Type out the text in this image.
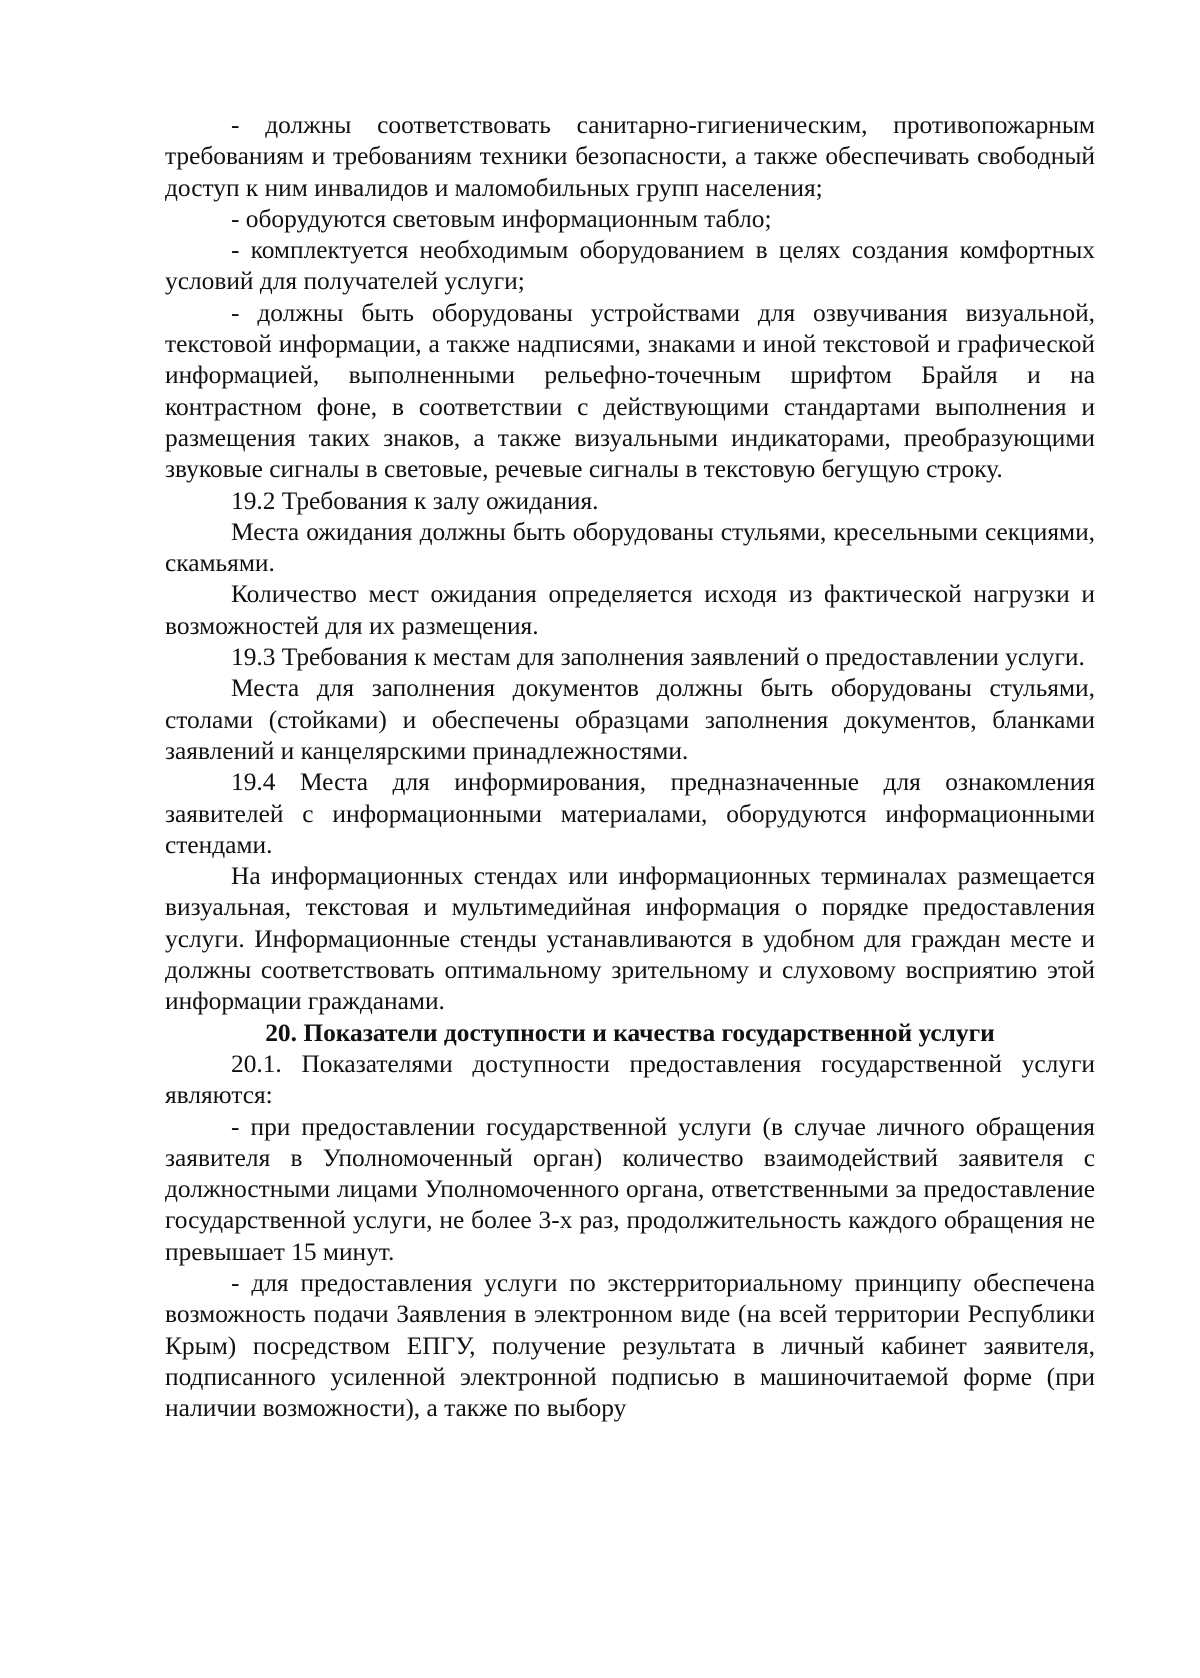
- должны соответствовать санитарно-гигиеническим, противопожарным требованиям и требованиям техники безопасности, а также обеспечивать свободный доступ к ним инвалидов и маломобильных групп населения;

- оборудуются световым информационным табло;

- комплектуется необходимым оборудованием в целях создания комфортных условий для получателей услуги;

- должны быть оборудованы устройствами для озвучивания визуальной, текстовой информации, а также надписями, знаками и иной текстовой и графической информацией, выполненными рельефно-точечным шрифтом Брайля и на контрастном фоне, в соответствии с действующими стандартами выполнения и размещения таких знаков, а также визуальными индикаторами, преобразующими звуковые сигналы в световые, речевые сигналы в текстовую бегущую строку.

19.2 Требования к залу ожидания.

Места ожидания должны быть оборудованы стульями, кресельными секциями, скамьями.

Количество мест ожидания определяется исходя из фактической нагрузки и возможностей для их размещения.

19.3 Требования к местам для заполнения заявлений о предоставлении услуги.

Места для заполнения документов должны быть оборудованы стульями, столами (стойками) и обеспечены образцами заполнения документов, бланками заявлений и канцелярскими принадлежностями.

19.4 Места для информирования, предназначенные для ознакомления заявителей с информационными материалами, оборудуются информационными стендами.

На информационных стендах или информационных терминалах размещается визуальная, текстовая и мультимедийная информация о порядке предоставления услуги. Информационные стенды устанавливаются в удобном для граждан месте и должны соответствовать оптимальному зрительному и слуховому восприятию этой информации гражданами.

20. Показатели доступности и качества государственной услуги

20.1. Показателями доступности предоставления государственной услуги являются:

- при предоставлении государственной услуги (в случае личного обращения заявителя в Уполномоченный орган) количество взаимодействий заявителя с должностными лицами Уполномоченного органа, ответственными за предоставление государственной услуги, не более 3-х раз, продолжительность каждого обращения не превышает 15 минут.

- для предоставления услуги по экстерриториальному принципу обеспечена возможность подачи Заявления в электронном виде (на всей территории Республики Крым) посредством ЕПГУ, получение результата в личный кабинет заявителя, подписанного усиленной электронной подписью в машиночитаемой форме (при наличии возможности), а также по выбору
